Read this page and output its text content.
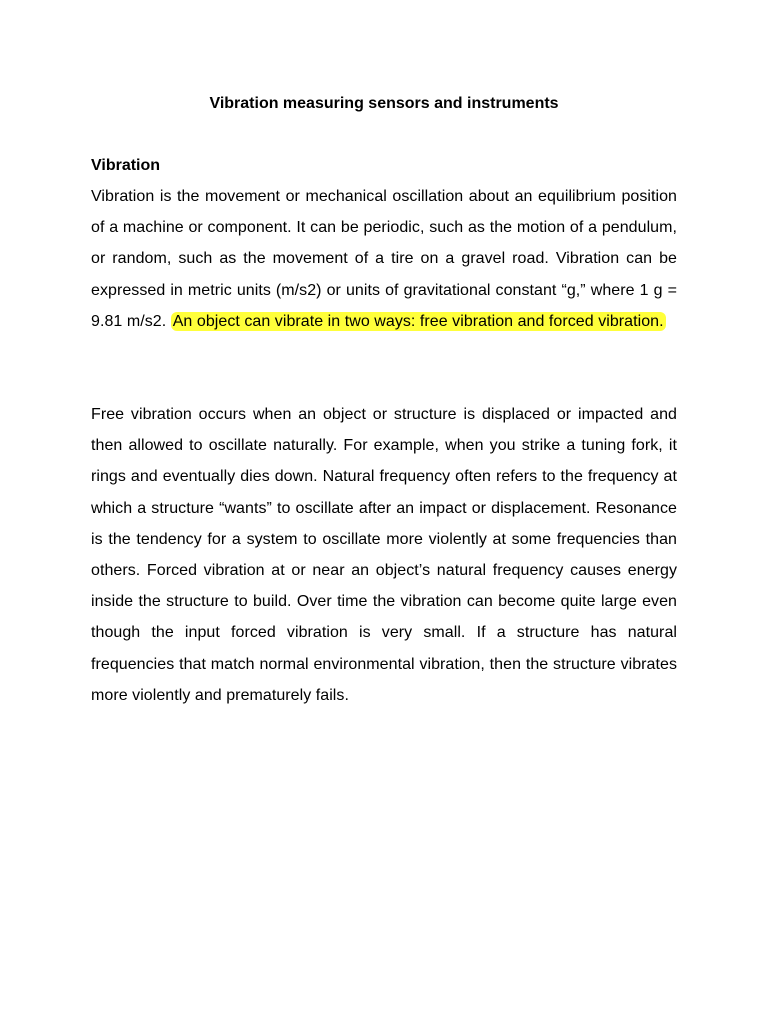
Vibration measuring sensors and instruments
Vibration

Vibration is the movement or mechanical oscillation about an equilibrium position of a machine or component. It can be periodic, such as the motion of a pendulum, or random, such as the movement of a tire on a gravel road. Vibration can be expressed in metric units (m/s2) or units of gravitational constant “g,” where 1 g = 9.81 m/s2. An object can vibrate in two ways: free vibration and forced vibration.

Free vibration occurs when an object or structure is displaced or impacted and then allowed to oscillate naturally. For example, when you strike a tuning fork, it rings and eventually dies down. Natural frequency often refers to the frequency at which a structure “wants” to oscillate after an impact or displacement. Resonance is the tendency for a system to oscillate more violently at some frequencies than others. Forced vibration at or near an object’s natural frequency causes energy inside the structure to build. Over time the vibration can become quite large even though the input forced vibration is very small. If a structure has natural frequencies that match normal environmental vibration, then the structure vibrates more violently and prematurely fails.
